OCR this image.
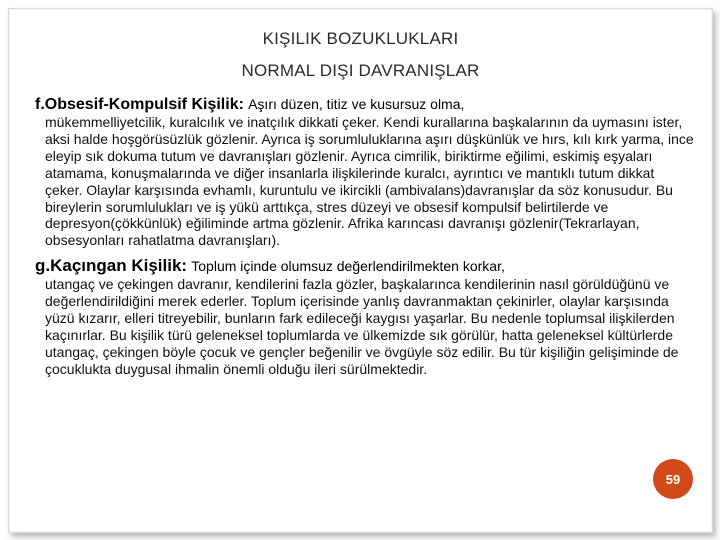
KIŞILIK BOZUKLUKLARI
NORMAL DIŞI DAVRANIŞLAR
f.Obsesif-Kompulsif Kişilik: Aşırı düzen, titiz ve kusursuz olma,
mükemmelliyetcilik, kuralcılık ve inatçılık dikkati çeker. Kendi kurallarına başkalarının da uymasını ister, aksi halde hoşgörüsüzlük gözlenir. Ayrıca iş sorumluluklarına aşırı düşkünlük ve hırs, kılı kırk yarma, ince eleyip sık dokuma tutum ve davranışları gözlenir. Ayrıca cimrilik, biriktirme eğilimi, eskimiş eşyaları atamama, konuşmalarında ve diğer insanlarla ilişkilerinde kuralcı, ayrıntıcı ve mantıklı tutum dikkat çeker. Olaylar karşısında evhamlı, kuruntulu ve ikircikli (ambivalans)davranışlar da söz konusudur. Bu bireylerin sorumlulukları ve iş yükü arttıkça, stres düzeyi ve obsesif kompulsif belirtilerde ve depresyon(çökkünlük) eğiliminde artma gözlenir. Afrika karıncası davranışı gözlenir(Tekrarlayan, obsesyonları rahatlatma davranışları).
g.Kaçıngan Kişilik: Toplum içinde olumsuz değerlendirilmekten korkar,
utangaç ve çekingen davranır, kendilerini fazla gözler, başkalarınca kendilerinin nasıl görüldüğünü ve değerlendirildiğini merek ederler. Toplum içerisinde yanlış davranmaktan çekinirler, olaylar karşısında yüzü kızarır, elleri titreyebilir, bunların fark edileceği kaygısı yaşarlar. Bu nedenle toplumsal ilişkilerden kaçınırlar. Bu kişilik türü geleneksel toplumlarda ve ülkemizde sık görülür, hatta geleneksel kültürlerde utangaç, çekingen böyle çocuk ve gençler beğenilir ve övgüyle söz edilir. Bu tür kişiliğin gelişiminde de çocuklukta duygusal ihmalin önemli olduğu ileri sürülmektedir.
59
